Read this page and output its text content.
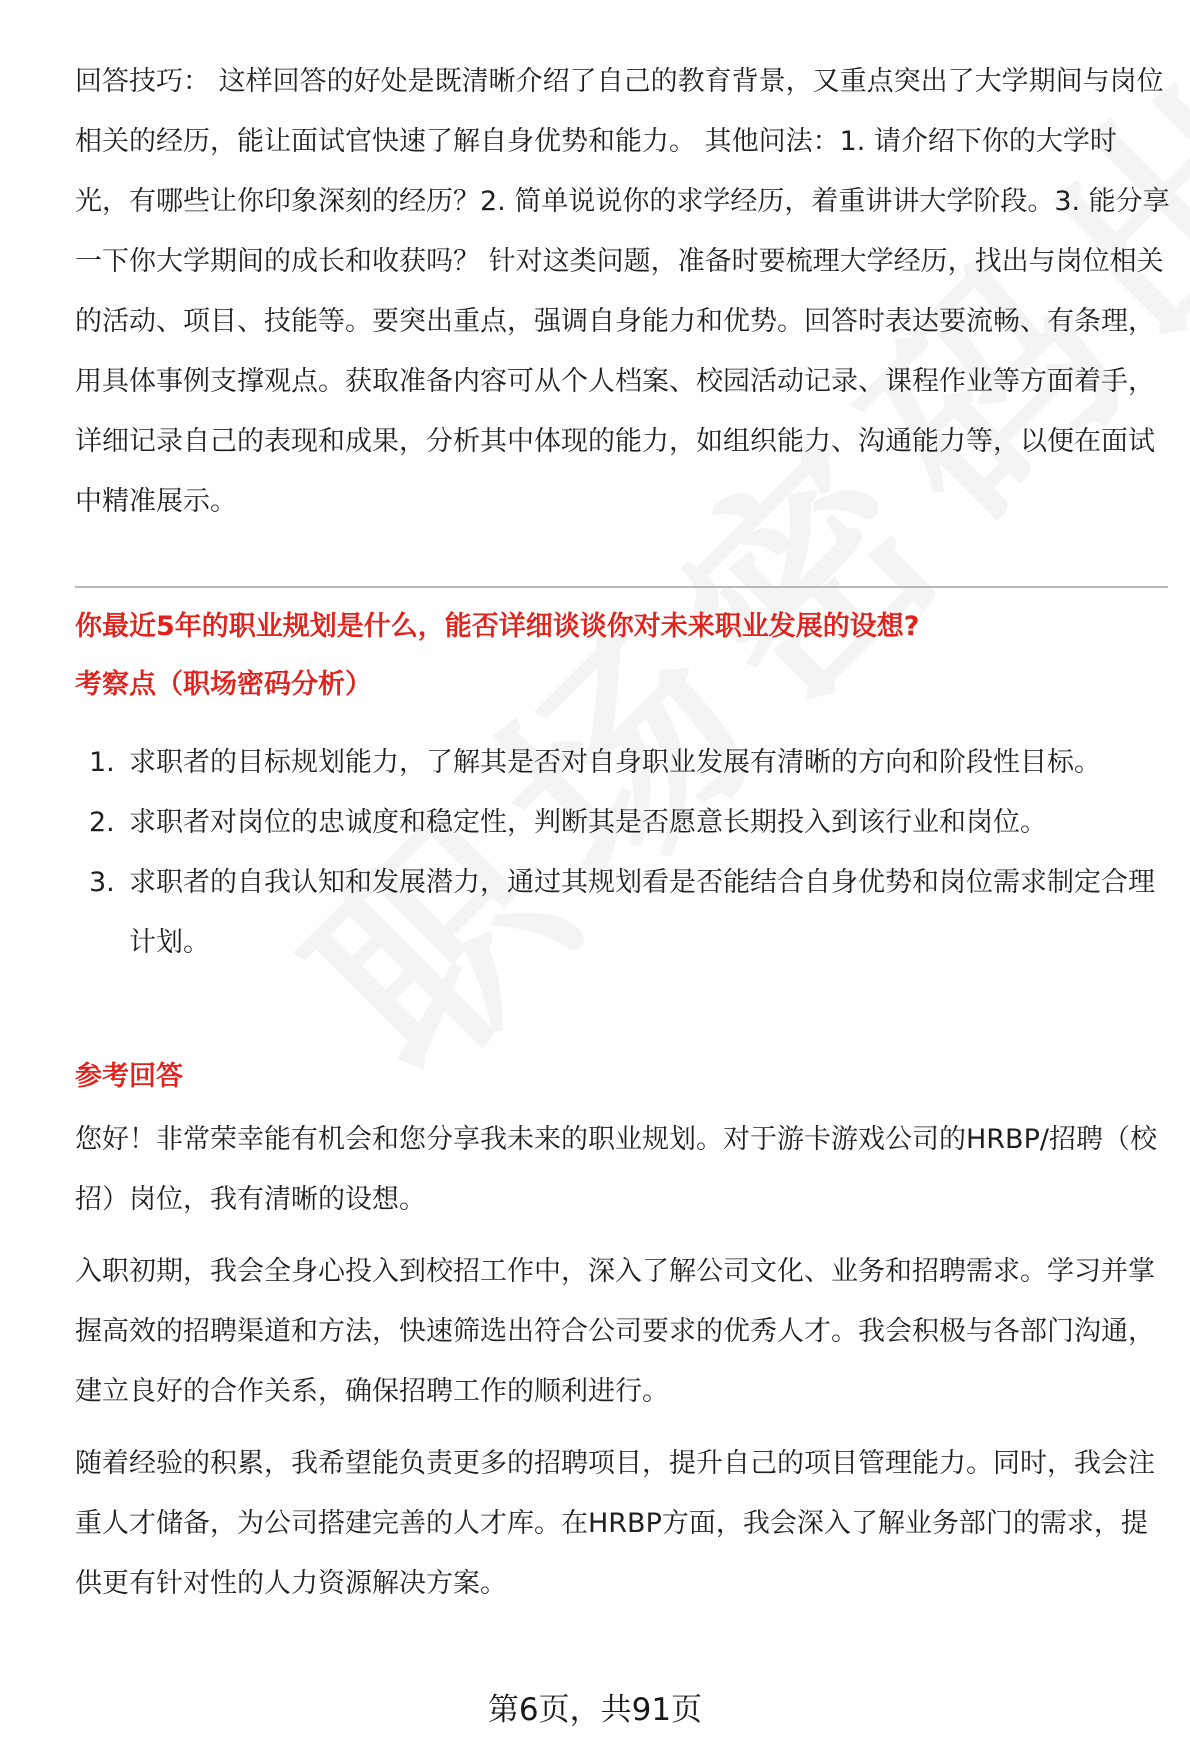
回答技巧： 这样回答的好处是既清晰介绍了自己的教育背景，又重点突出了大学期间与岗位相关的经历，能让面试官快速了解自身优势和能力。 其他问法：1. 请介绍下你的大学时光，有哪些让你印象深刻的经历？2. 简单说说你的求学经历，着重讲讲大学阶段。3. 能分享一下你大学期间的成长和收获吗？ 针对这类问题，准备时要梳理大学经历，找出与岗位相关的活动、项目、技能等。要突出重点，强调自身能力和优势。回答时表达要流畅、有条理，用具体事例支撑观点。获取准备内容可从个人档案、校园活动记录、课程作业等方面着手，详细记录自己的表现和成果，分析其中体现的能力，如组织能力、沟通能力等，以便在面试中精准展示。

你最近5年的职业规划是什么，能否详细谈谈你对未来职业发展的设想?
考察点（职场密码分析）
1. 求职者的目标规划能力，了解其是否对自身职业发展有清晰的方向和阶段性目标。
2. 求职者对岗位的忠诚度和稳定性，判断其是否愿意长期投入到该行业和岗位。
3. 求职者的自我认知和发展潜力，通过其规划看是否能结合自身优势和岗位需求制定合理计划。
参考回答

您好！非常荣幸能有机会和您分享我未来的职业规划。对于游卡游戏公司的HRBP/招聘（校招）岗位，我有清晰的设想。

入职初期，我会全身心投入到校招工作中，深入了解公司文化、业务和招聘需求。学习并掌握高效的招聘渠道和方法，快速筛选出符合公司要求的优秀人才。我会积极与各部门沟通，建立良好的合作关系，确保招聘工作的顺利进行。

随着经验的积累，我希望能负责更多的招聘项目，提升自己的项目管理能力。同时，我会注重人才储备，为公司搭建完善的人才库。在HRBP方面，我会深入了解业务部门的需求，提供更有针对性的人力资源解决方案。

第6页，共91页
